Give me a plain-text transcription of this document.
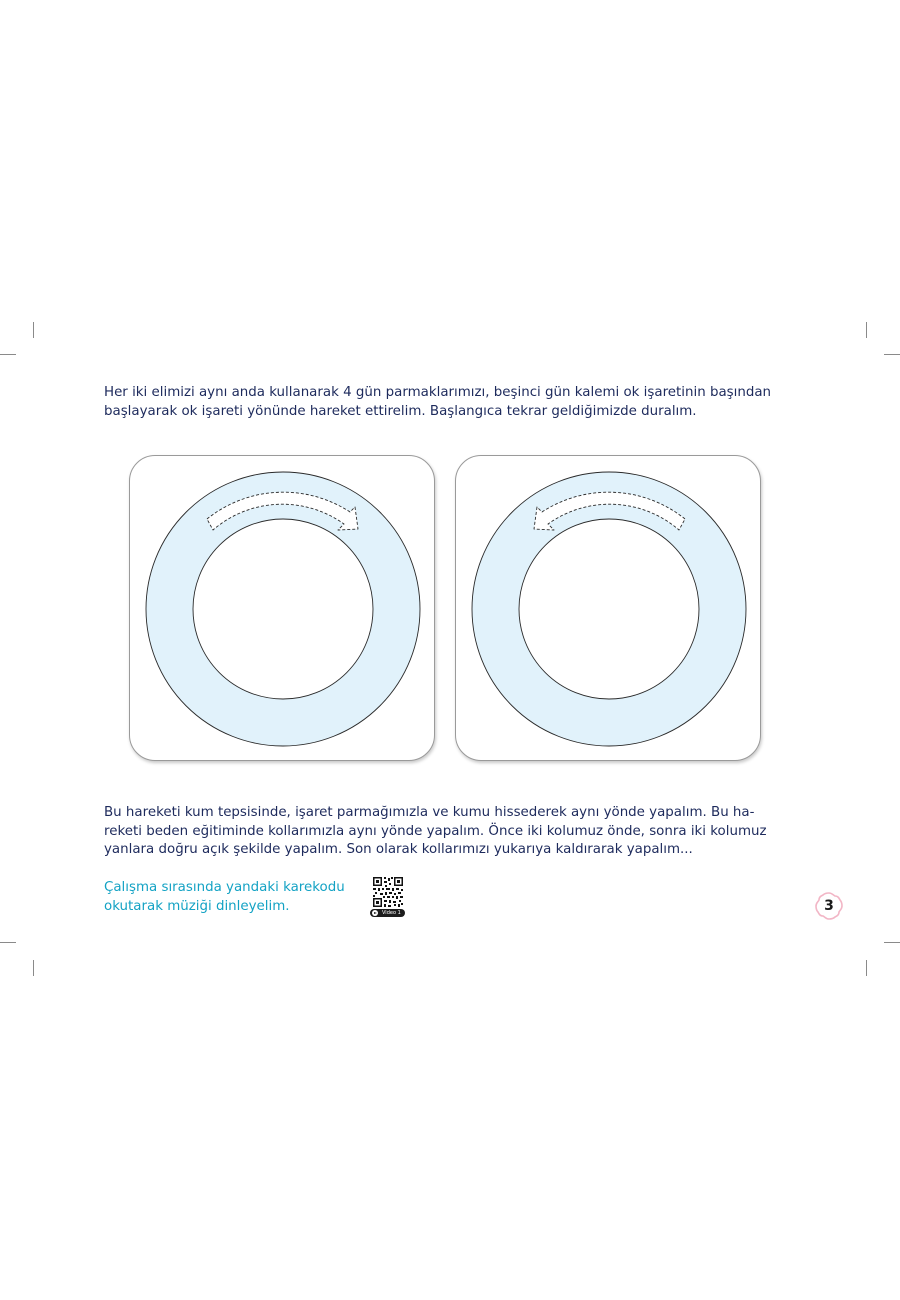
Her iki elimizi aynı anda kullanarak 4 gün parmaklarımızı, beşinci gün kalemi ok işaretinin başından
başlayarak ok işareti yönünde hareket ettirelim. Başlangıca tekrar geldiğimizde duralım.

Bu hareketi kum tepsisinde, işaret parmağımızla ve kumu hissederek aynı yönde yapalım. Bu ha-
reketi beden eğitiminde kollarımızla aynı yönde yapalım. Önce iki kolumuz önde, sonra iki kolumuz
yanlara doğru açık şekilde yapalım. Son olarak kollarımızı yukarıya kaldırarak yapalım...

Çalışma sırasında yandaki karekodu
okutarak müziği dinleyelim.	Video 1	3
